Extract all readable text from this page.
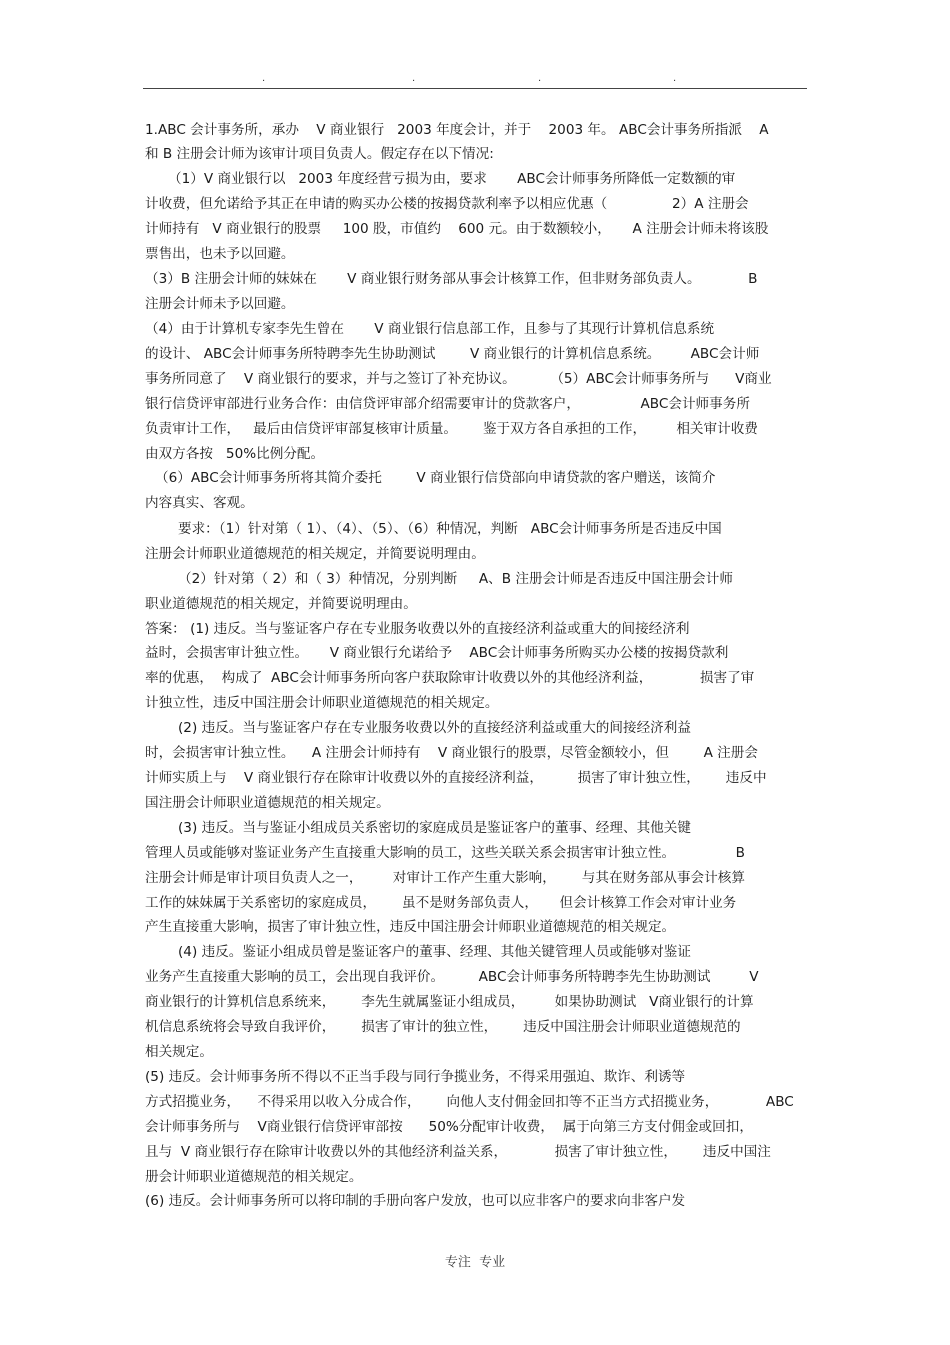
.	.	.	.
1.ABC 会计事务所，承办    V 商业银行   2003 年度会计，并于    2003 年。 ABC会计事务所指派    A
和 B 注册会计师为该审计项目负责人。假定存在以下情况:
（1）V 商业银行以   2003 年度经营亏损为由，要求       ABC会计师事务所降低一定数额的审
计收费，但允诺给予其正在申请的购买办公楼的按揭贷款利率予以相应优惠（               2）A 注册会
计师持有   V 商业银行的股票     100 股，市值约    600 元。由于数额较小，     A 注册会计师未将该股
票售出，也未予以回避。
（3）B 注册会计师的妹妹在       V 商业银行财务部从事会计核算工作，但非财务部负责人。           B
注册会计师未予以回避。
（4）由于计算机专家李先生曾在       V 商业银行信息部工作，且参与了其现行计算机信息系统
的设计、 ABC会计师事务所特聘李先生协助测试        V 商业银行的计算机信息系统。       ABC会计师
事务所同意了    V 商业银行的要求，并与之签订了补充协议。        （5）ABC会计师事务所与      V商业
银行信贷评审部进行业务合作：由信贷评审部介绍需要审计的贷款客户，              ABC会计师事务所
负责审计工作，   最后由信贷评审部复核审计质量。      鉴于双方各自承担的工作，       相关审计收费
由双方各按   50%比例分配。
（6）ABC会计师事务所将其简介委托        V 商业银行信贷部向申请贷款的客户赠送，该简介
内容真实、客观。
要求：（1）针对第（ 1）、（4）、（5）、（6）种情况，判断   ABC会计师事务所是否违反中国
注册会计师职业道德规范的相关规定，并简要说明理由。
（2）针对第（ 2）和（ 3）种情况，分别判断     A、B 注册会计师是否违反中国注册会计师
职业道德规范的相关规定，并简要说明理由。
答案： (1) 违反。当与鉴证客户存在专业服务收费以外的直接经济利益或重大的间接经济利
益时，会损害审计独立性。     V 商业银行允诺给予    ABC会计师事务所购买办公楼的按揭贷款利
率的优惠，  构成了  ABC会计师事务所向客户获取除审计收费以外的其他经济利益，           损害了审
计独立性，违反中国注册会计师职业道德规范的相关规定。
(2) 违反。当与鉴证客户存在专业服务收费以外的直接经济利益或重大的间接经济利益
时，会损害审计独立性。    A 注册会计师持有    V 商业银行的股票，尽管金额较小，但        A 注册会
计师实质上与    V 商业银行存在除审计收费以外的直接经济利益，        损害了审计独立性，      违反中
国注册会计师职业道德规范的相关规定。
(3) 违反。当与鉴证小组成员关系密切的家庭成员是鉴证客户的董事、经理、其他关键
管理人员或能够对鉴证业务产生直接重大影响的员工，这些关联关系会损害审计独立性。              B
注册会计师是审计项目负责人之一，       对审计工作产生重大影响，      与其在财务部从事会计核算
工作的妹妹属于关系密切的家庭成员，      虽不是财务部负责人，     但会计核算工作会对审计业务
产生直接重大影响，损害了审计独立性，违反中国注册会计师职业道德规范的相关规定。
(4) 违反。鉴证小组成员曾是鉴证客户的董事、经理、其他关键管理人员或能够对鉴证
业务产生直接重大影响的员工，会出现自我评价。        ABC会计师事务所特聘李先生协助测试         V
商业银行的计算机信息系统来，      李先生就属鉴证小组成员，       如果协助测试   V商业银行的计算
机信息系统将会导致自我评价，      损害了审计的独立性，      违反中国注册会计师职业道德规范的
相关规定。
(5) 违反。会计师事务所不得以不正当手段与同行争揽业务，不得采用强迫、欺诈、利诱等
方式招揽业务，    不得采用以收入分成合作，      向他人支付佣金回扣等不正当方式招揽业务，           ABC
会计师事务所与    V商业银行信贷评审部按      50%分配审计收费，  属于向第三方支付佣金或回扣，
且与  V 商业银行存在除审计收费以外的其他经济利益关系，           损害了审计独立性，      违反中国注
册会计师职业道德规范的相关规定。
(6) 违反。会计师事务所可以将印制的手册向客户发放，也可以应非客户的要求向非客户发
专注  专业
